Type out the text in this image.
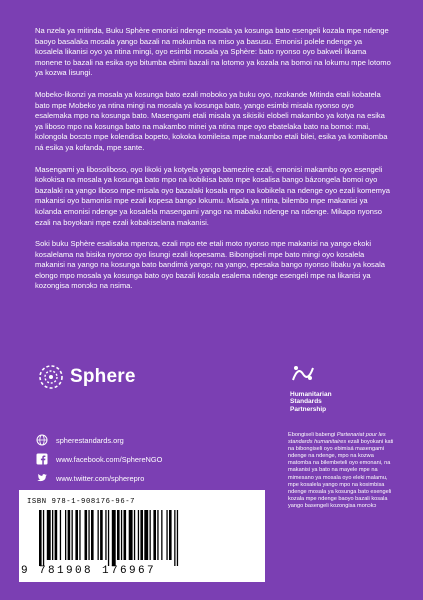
Na nzela ya mitinda, Buku Sphère emonisi ndenge mosala ya kosunga bato esengeli kozala mpe ndenge baoyo basalaka mosala yango bazali na mokumba na miso ya basusu. Emonisi polele ndenge ya kosalela likanisi oyo ya ntina mingi, oyo esimbi mosala ya Sphère: bato nyonso oyo bakweli likama monene to bazali na esika oyo bitumba ebimi bazali na lotomo ya kozala na bomoi na lokumu mpe lotomo ya kozwa lisungi.

Mobeko-likonzi ya mosala ya kosunga bato ezali moboko ya buku oyo, nzokande Mitinda etali kobatela bato mpe Mobeko ya ntina mingi na mosala ya kosunga bato, yango esimbi misala nyonso oyo esalemaka mpo na kosunga bato. Masengami etali misala ya sikisiki elobeli makambo ya kotya na esika ya liboso mpo na kosunga bato na makambo minei ya ntina mpe oyo ebatelaka bato na bomoi: mai, kolongola bosɔtɔ mpe kolendisa bopeto, kokoka komileisa mpe makambo etali bilei, esika ya komibomba ná esika ya kofanda, mpe sante.

Masengami ya libosoliboso, oyo likoki ya kotyela yango bamezire ezali, emonisi makambo oyo esengeli kokokisa na mosala ya kosunga bato mpo na kobikisa bato mpe kosalisa bango bázongela bomoi oyo bazalaki na yango liboso mpe misala oyo bazalaki kosala mpo na kobikela na ndenge oyo ezali komemya makanisi oyo bamonisi mpe ezali kopesa bango lokumu. Misala ya ntina, bilembo mpe makanisi ya kolanda emonisi ndenge ya kosalela masengami yango na mabaku ndenge na ndenge. Mikapo nyonso ezali na boyokani mpe ezali kobakiselana makanisi.

Soki buku Sphère esalisaka mpenza, ezali mpo ete etali moto nyonso mpe makanisi na yango ekoki kosalelama na bisika nyonso oyo lisungi ezali kopesama. Bibongiseli mpe bato mingi oyo kosalela makanisi na yango na kosunga bato bandimá yango; na yango, epesaka bango nyonso libaku ya kosala elongo mpo mosala ya kosunga bato oyo bazali kosala esalema ndenge esengeli mpe na likanisi ya kozongisa monɔkɔ na nsima.

Sphere
Humanitarian
Standards
Partnership
spherestandards.org
www.facebook.com/SphereNGO
www.twitter.com/spherepro
ISBN 978-1-908176-96-7
9 781908 176967
Ebongiseli babengi Partenariat pour les standards humanitaires ezali boyokani kati na bibongiseli oyo ebimisá masengami ndenge na ndenge, mpo na kozwa matomba na bilembeteli oyo emonani, na makanisi ya bato na mayele mpe na mimesano ya mosala oyo eleki malamu, mpe kosalela yango mpo na kosimbisa ndenge mosala ya kosunga bato esengeli kozala mpe ndenge baoyo bazali kosala yango basengeli kozongisa monɔkɔ
